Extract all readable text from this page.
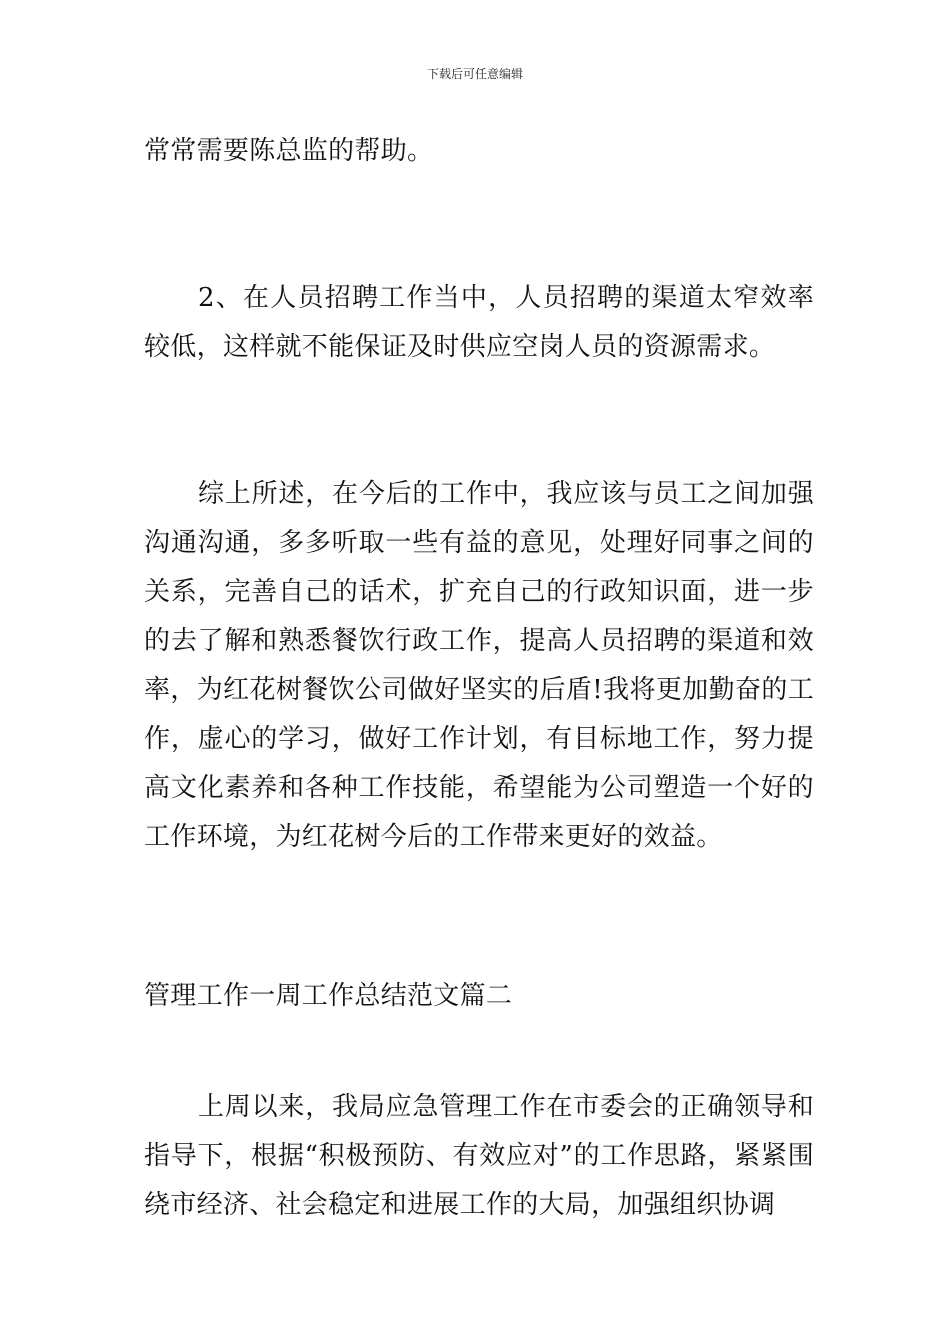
下载后可任意编辑

常常需要陈总监的帮助。

2、在人员招聘工作当中，人员招聘的渠道太窄效率较低，这样就不能保证及时供应空岗人员的资源需求。

综上所述，在今后的工作中，我应该与员工之间加强沟通沟通，多多听取一些有益的意见，处理好同事之间的关系，完善自己的话术，扩充自己的行政知识面，进一步的去了解和熟悉餐饮行政工作，提高人员招聘的渠道和效率，为红花树餐饮公司做好坚实的后盾!我将更加勤奋的工作，虚心的学习，做好工作计划，有目标地工作，努力提高文化素养和各种工作技能，希望能为公司塑造一个好的工作环境，为红花树今后的工作带来更好的效益。

管理工作一周工作总结范文篇二

上周以来，我局应急管理工作在市委会的正确领导和指导下，根据“积极预防、有效应对”的工作思路，紧紧围绕市经济、社会稳定和进展工作的大局，加强组织协调
